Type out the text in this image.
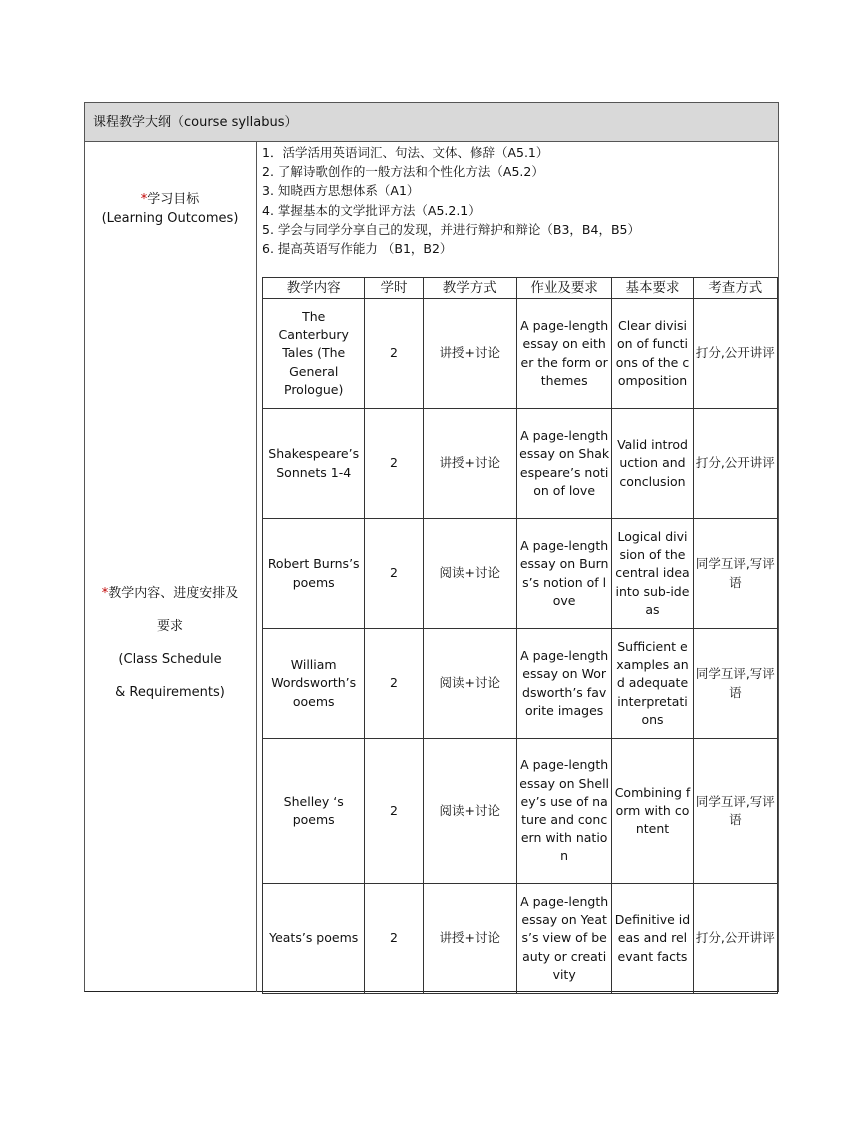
课程教学大纲（course syllabus）
*学习目标
(Learning Outcomes)
1．活学活用英语词汇、句法、文体、修辞（A5.1）
2. 了解诗歌创作的一般方法和个性化方法（A5.2）
3. 知晓西方思想体系（A1）
4. 掌握基本的文学批评方法（A5.2.1）
5. 学会与同学分享自己的发现，并进行辩护和辩论（B3，B4，B5）
6. 提高英语写作能力 （B1，B2）
*教学内容、进度安排及
要求
(Class Schedule
& Requirements)
教学内容	学时	教学方式	作业及要求	基本要求	考查方式
The Canterbury Tales (The General Prologue)	2	讲授+讨论	A page-length essay on either the form or themes	Clear division of functions of the composition	打分,公开讲评
Shakespeare’s Sonnets 1-4	2	讲授+讨论	A page-length essay on Shakespeare’s notion of love	Valid introduction and conclusion	打分,公开讲评
Robert Burns’s poems	2	阅读+讨论	A page-length essay on Burns’s notion of love	Logical division of the central idea into sub-ideas	同学互评,写评语
William Wordsworth’s ooems	2	阅读+讨论	A page-length essay on Wordsworth’s favorite images	Sufficient examples and adequate interpretations	同学互评,写评语
Shelley ‘s poems	2	阅读+讨论	A page-length essay on Shelley’s use of nature and concern with nation	Combining form with content	同学互评,写评语
Yeats’s poems	2	讲授+讨论	A page-length essay on Yeats’s view of beauty or creativity	Definitive ideas and relevant facts	打分,公开讲评
